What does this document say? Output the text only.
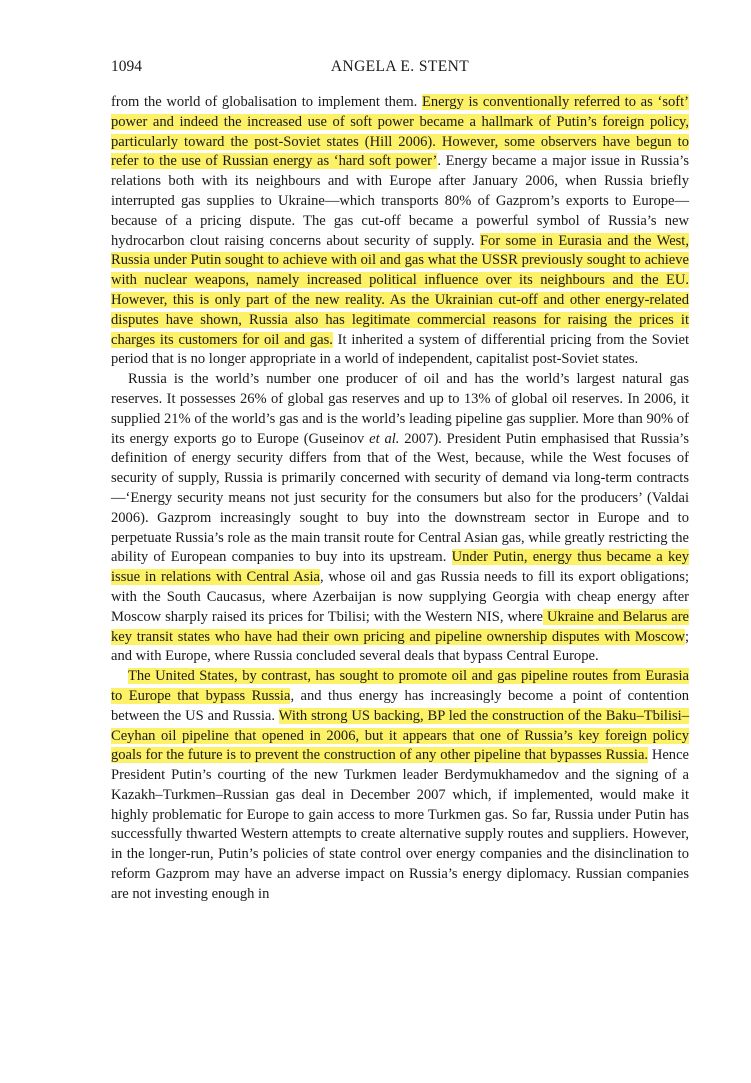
1094	ANGELA E. STENT

from the world of globalisation to implement them. Energy is conventionally referred to as ‘soft’ power and indeed the increased use of soft power became a hallmark of Putin’s foreign policy, particularly toward the post-Soviet states (Hill 2006). However, some observers have begun to refer to the use of Russian energy as ‘hard soft power’. Energy became a major issue in Russia’s relations both with its neighbours and with Europe after January 2006, when Russia briefly interrupted gas supplies to Ukraine—which transports 80% of Gazprom’s exports to Europe—because of a pricing dispute. The gas cut-off became a powerful symbol of Russia’s new hydrocarbon clout raising concerns about security of supply. For some in Eurasia and the West, Russia under Putin sought to achieve with oil and gas what the USSR previously sought to achieve with nuclear weapons, namely increased political influence over its neighbours and the EU. However, this is only part of the new reality. As the Ukrainian cut-off and other energy-related disputes have shown, Russia also has legitimate commercial reasons for raising the prices it charges its customers for oil and gas. It inherited a system of differential pricing from the Soviet period that is no longer appropriate in a world of independent, capitalist post-Soviet states.

Russia is the world’s number one producer of oil and has the world’s largest natural gas reserves. It possesses 26% of global gas reserves and up to 13% of global oil reserves. In 2006, it supplied 21% of the world’s gas and is the world’s leading pipeline gas supplier. More than 90% of its energy exports go to Europe (Guseinov et al. 2007). President Putin emphasised that Russia’s definition of energy security differs from that of the West, because, while the West focuses of security of supply, Russia is primarily concerned with security of demand via long-term contracts—‘Energy security means not just security for the consumers but also for the producers’ (Valdai 2006). Gazprom increasingly sought to buy into the downstream sector in Europe and to perpetuate Russia’s role as the main transit route for Central Asian gas, while greatly restricting the ability of European companies to buy into its upstream. Under Putin, energy thus became a key issue in relations with Central Asia, whose oil and gas Russia needs to fill its export obligations; with the South Caucasus, where Azerbaijan is now supplying Georgia with cheap energy after Moscow sharply raised its prices for Tbilisi; with the Western NIS, where Ukraine and Belarus are key transit states who have had their own pricing and pipeline ownership disputes with Moscow; and with Europe, where Russia concluded several deals that bypass Central Europe.

The United States, by contrast, has sought to promote oil and gas pipeline routes from Eurasia to Europe that bypass Russia, and thus energy has increasingly become a point of contention between the US and Russia. With strong US backing, BP led the construction of the Baku–Tbilisi–Ceyhan oil pipeline that opened in 2006, but it appears that one of Russia’s key foreign policy goals for the future is to prevent the construction of any other pipeline that bypasses Russia. Hence President Putin’s courting of the new Turkmen leader Berdymukhamedov and the signing of a Kazakh–Turkmen–Russian gas deal in December 2007 which, if implemented, would make it highly problematic for Europe to gain access to more Turkmen gas. So far, Russia under Putin has successfully thwarted Western attempts to create alternative supply routes and suppliers. However, in the longer-run, Putin’s policies of state control over energy companies and the disinclination to reform Gazprom may have an adverse impact on Russia’s energy diplomacy. Russian companies are not investing enough in
